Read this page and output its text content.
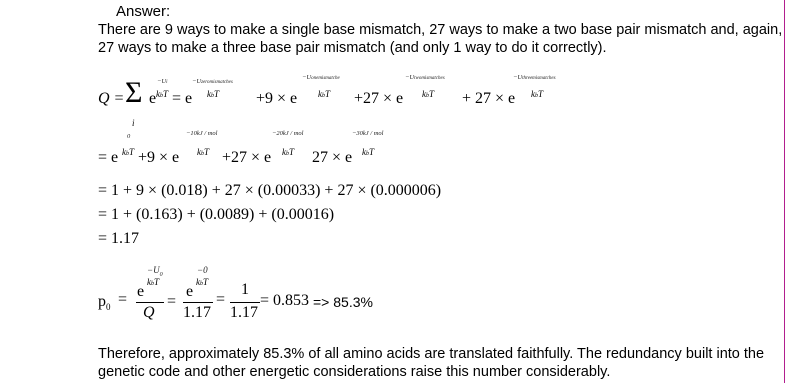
Answer:
There are 9 ways to make a single base mismatch, 27 ways to make a two base pair mismatch and, again, 27 ways to make a three base pair mismatch (and only 1 way to do it correctly).
Q = Σ
i
e
−Ui
kbT = e
−Uzeromismatches
kbT +9 × e
−Uonemismatche
kbT +27 × e
−Utwomismatches
kbT + 27 × e
−Uthreemismatches
kbT
0
= e kbT +9 × e
−10kJ / mol
kbT +27 × e
−20kJ / mol
kbT 27 × e
−30kJ / mol
kbT
= 1 + 9 × (0.018) + 27 × (0.00033) + 27 × (0.000006)
= 1 + (0.163) + (0.0089) + (0.00016)
= 1.17
$p_0$ =
$-U_0$
e
kbT
Q
=
−0
e
kbT
1.17
=
1
1.17
= 0.853 => 85.3%
Therefore, approximately 85.3% of all amino acids are translated faithfully. The redundancy built into the genetic code and other energetic considerations raise this number considerably.
